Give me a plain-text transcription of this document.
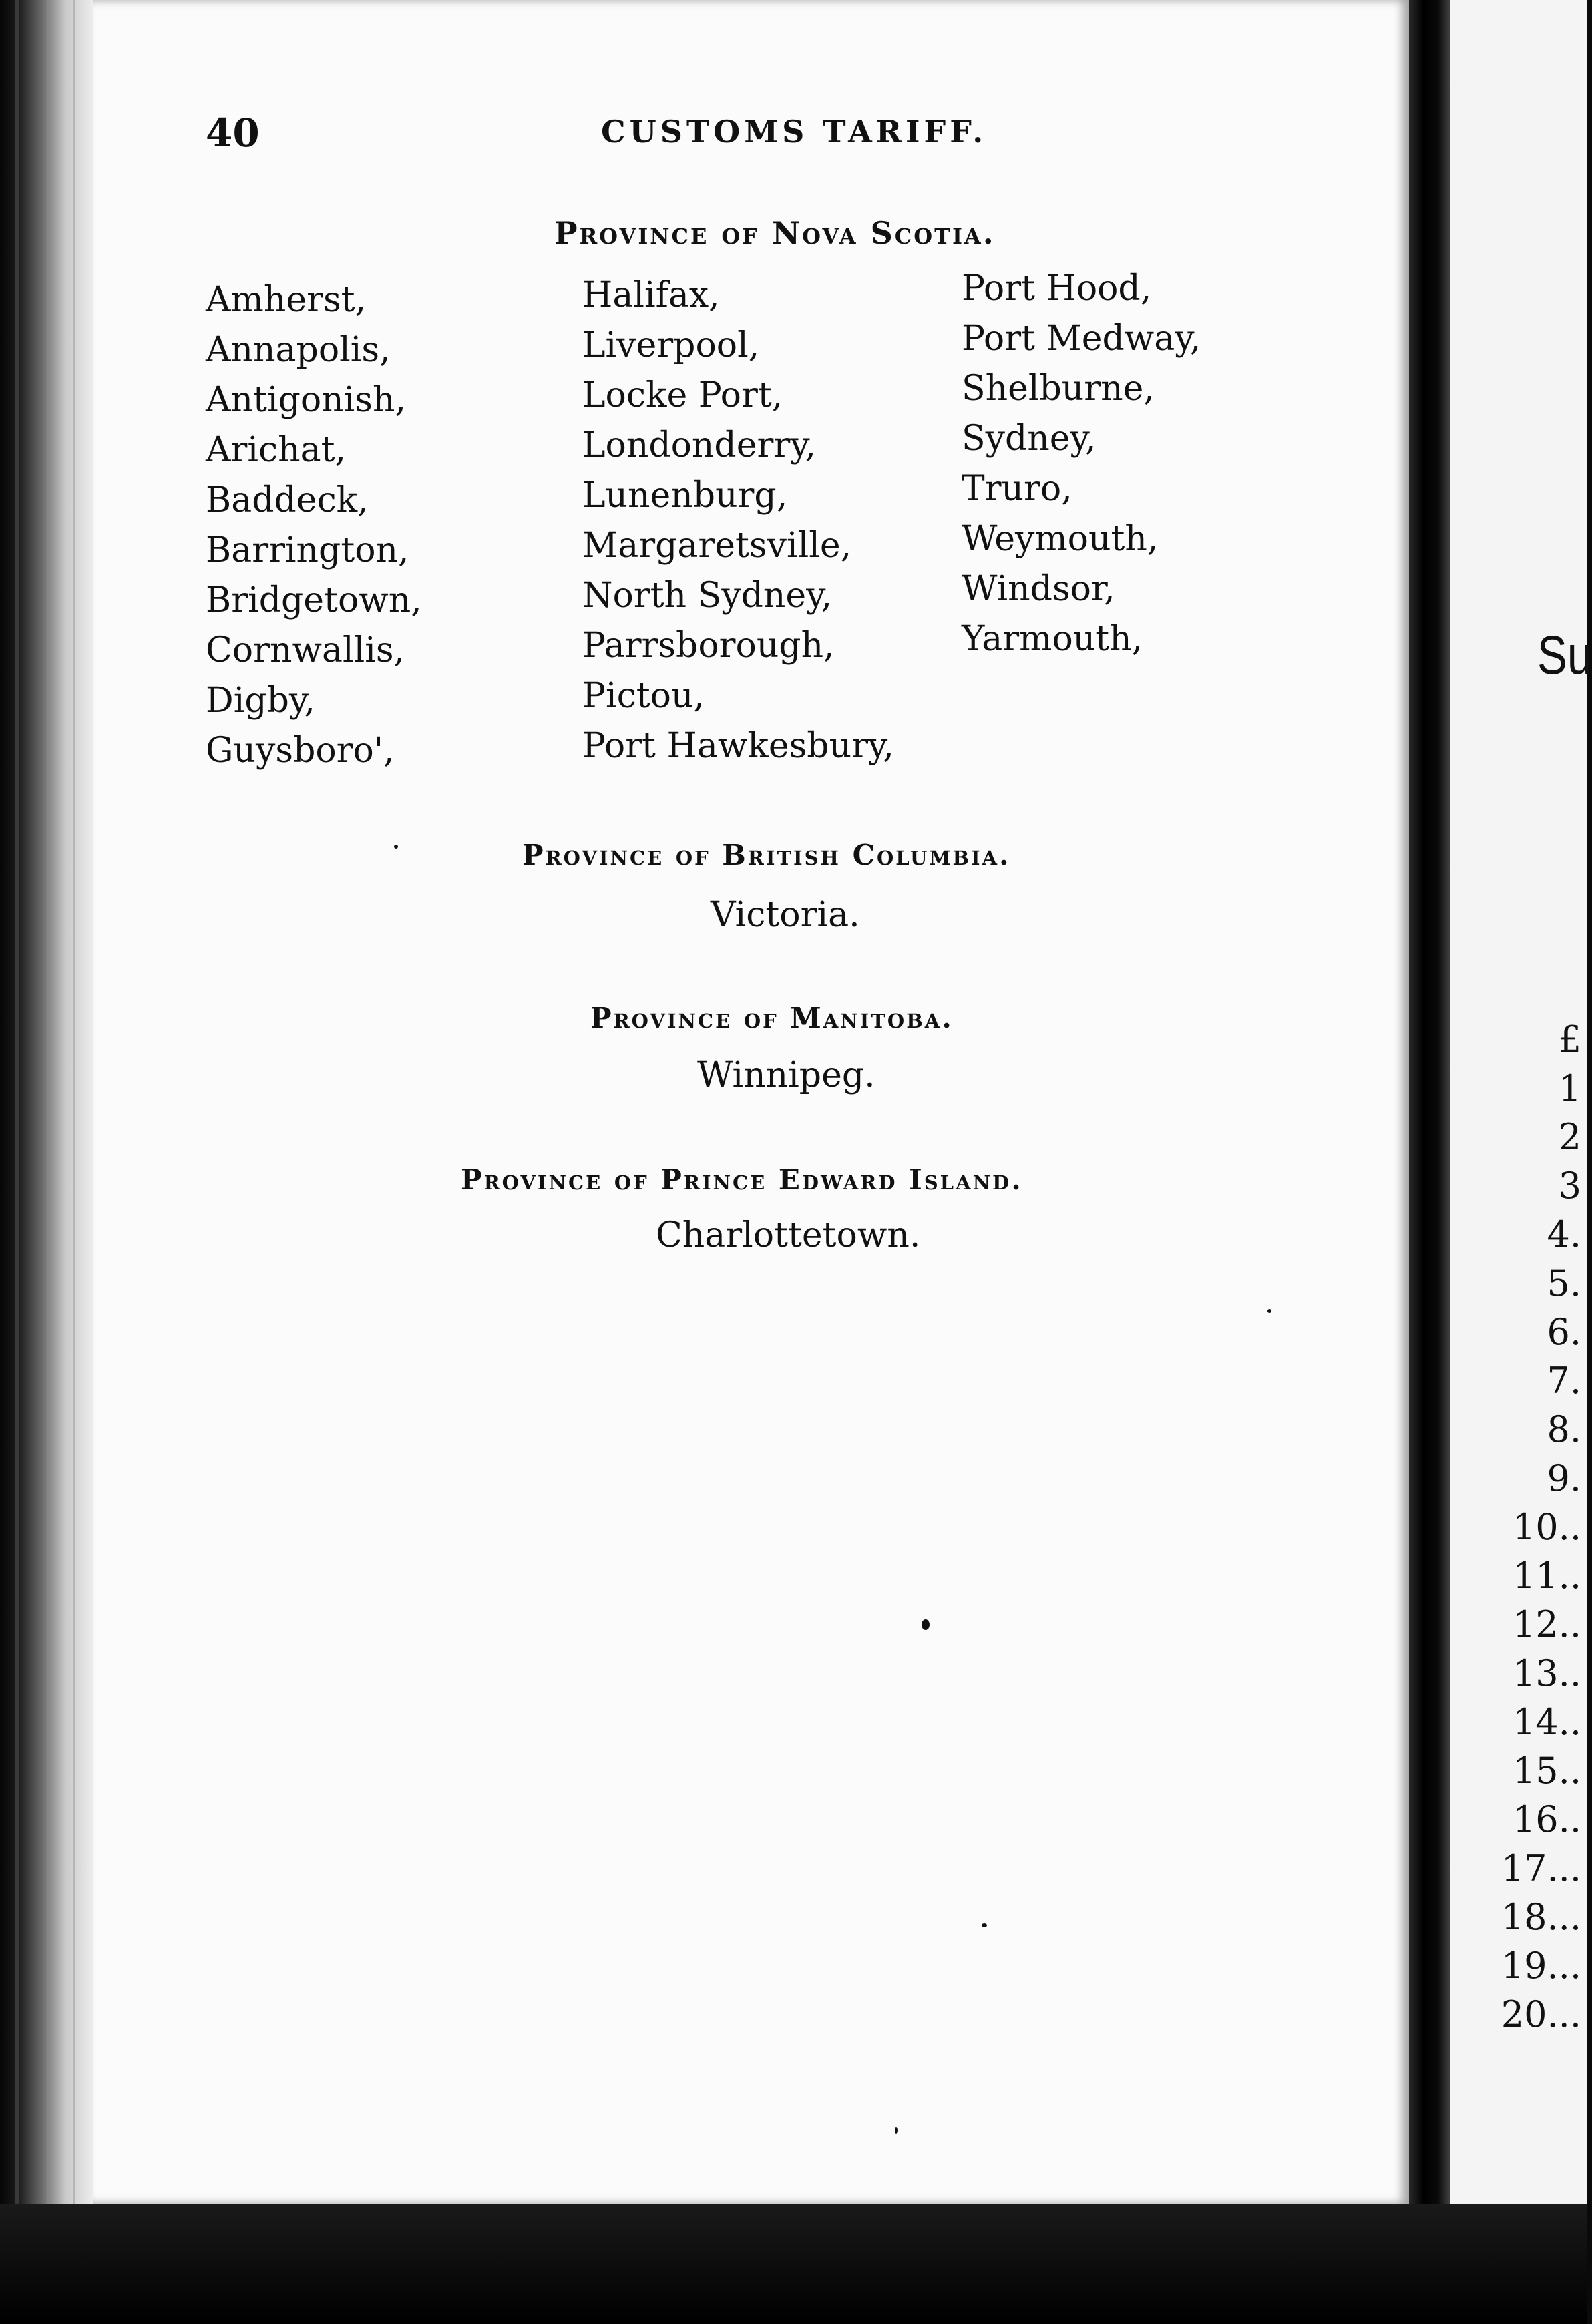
40	CUSTOMS TARIFF.
Province of Nova Scotia.
Amherst,
Annapolis,
Antigonish,
Arichat,
Baddeck,
Barrington,
Bridgetown,
Cornwallis,
Digby,
Guysboro',
Halifax,
Liverpool,
Locke Port,
Londonderry,
Lunenburg,
Margaretsville,
North Sydney,
Parrsborough,
Pictou,
Port Hawkesbury,
Port Hood,
Port Medway,
Shelburne,
Sydney,
Truro,
Weymouth,
Windsor,
Yarmouth,
Province of British Columbia.
Victoria.
Province of Manitoba.
Winnipeg.
Province of Prince Edward Island.
Charlottetown.
Su
£
1
2
3
4.
5.
6.
7.
8.
9.
10..
11..
12..
13..
14..
15..
16..
17...
18...
19...
20...
